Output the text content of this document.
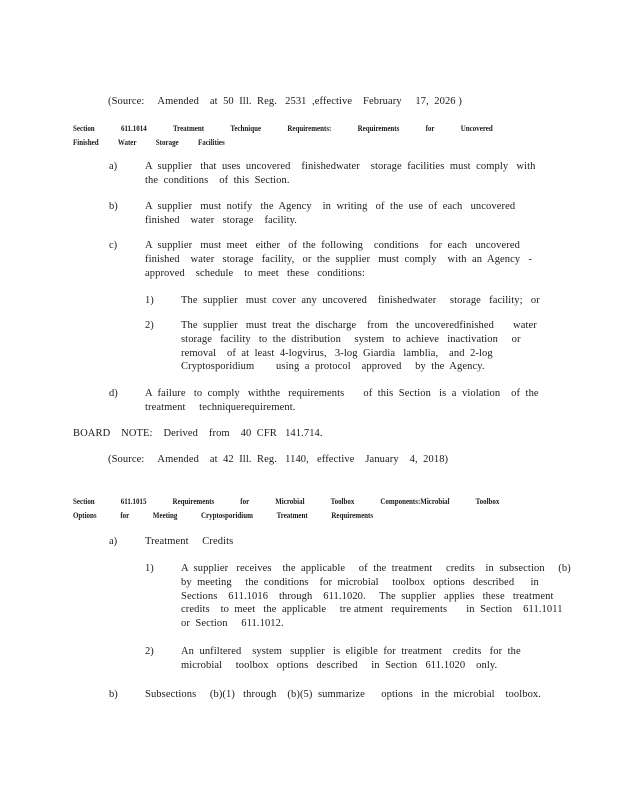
(Source:     Amended    at  50  Ill.  Reg.   2531  ,effective    February     17,  2026 )
Section	611.1014	Treatment	Technique	Requirements:	Requirements	for	Uncovered
Finished Water Storage Facilities
a)	A  supplier   that  uses  uncovered    finishedwater    storage  facilities  must  comply   with
the  conditions    of  this  Section.
b)	A  supplier   must  notify   the  Agency    in  writing   of  the  use  of  each   uncovered
finished    water   storage    facility.
c)	A  supplier   must  meet   either   of  the  following    conditions    for  each   uncovered
finished    water   storage   facility,   or  the  supplier   must  comply    with  an  Agency   -
approved    schedule    to  meet   these   conditions:
1)	The  supplier   must  cover  any  uncovered    finishedwater     storage   facility;   or
2)	The  supplier   must  treat  the  discharge    from   the  uncoveredfinished       water
storage   facility   to  the  distribution     system   to  achieve   inactivation     or
removal    of  at  least  4-logvirus,   3-log  Giardia   lamblia,    and  2-log
Cryptosporidium        using  a  protocol    approved     by  the  Agency.
d)	A  failure   to  comply   withthe   requirements       of  this  Section   is  a  violation    of  the
treatment     techniquerequirement.
BOARD    NOTE:    Derived    from    40  CFR   141.714.
(Source:     Amended    at  42  Ill.  Reg.   1140,   effective    January    4,  2018)
Section	611.1015	Requirements	for	Microbial	Toolbox	Components:Microbial	Toolbox
Options	for	Meeting	Cryptosporidium	Treatment	Requirements
a)	Treatment     Credits
1)	A  supplier   receives    the  applicable     of  the  treatment     credits    in  subsection     (b)
by  meeting     the  conditions    for  microbial     toolbox   options   described      in
Sections    611.1016    through    611.1020.     The  supplier   applies   these   treatment
credits    to  meet   the  applicable     tre atment   requirements       in  Section    611.1011
or  Section     611.1012.
2)	An  unfiltered    system   supplier   is  eligible  for  treatment    credits   for  the
microbial     toolbox   options   described     in  Section   611.1020    only.
b)	Subsections     (b)(1)   through    (b)(5)  summarize      options   in  the  microbial    toolbox.
